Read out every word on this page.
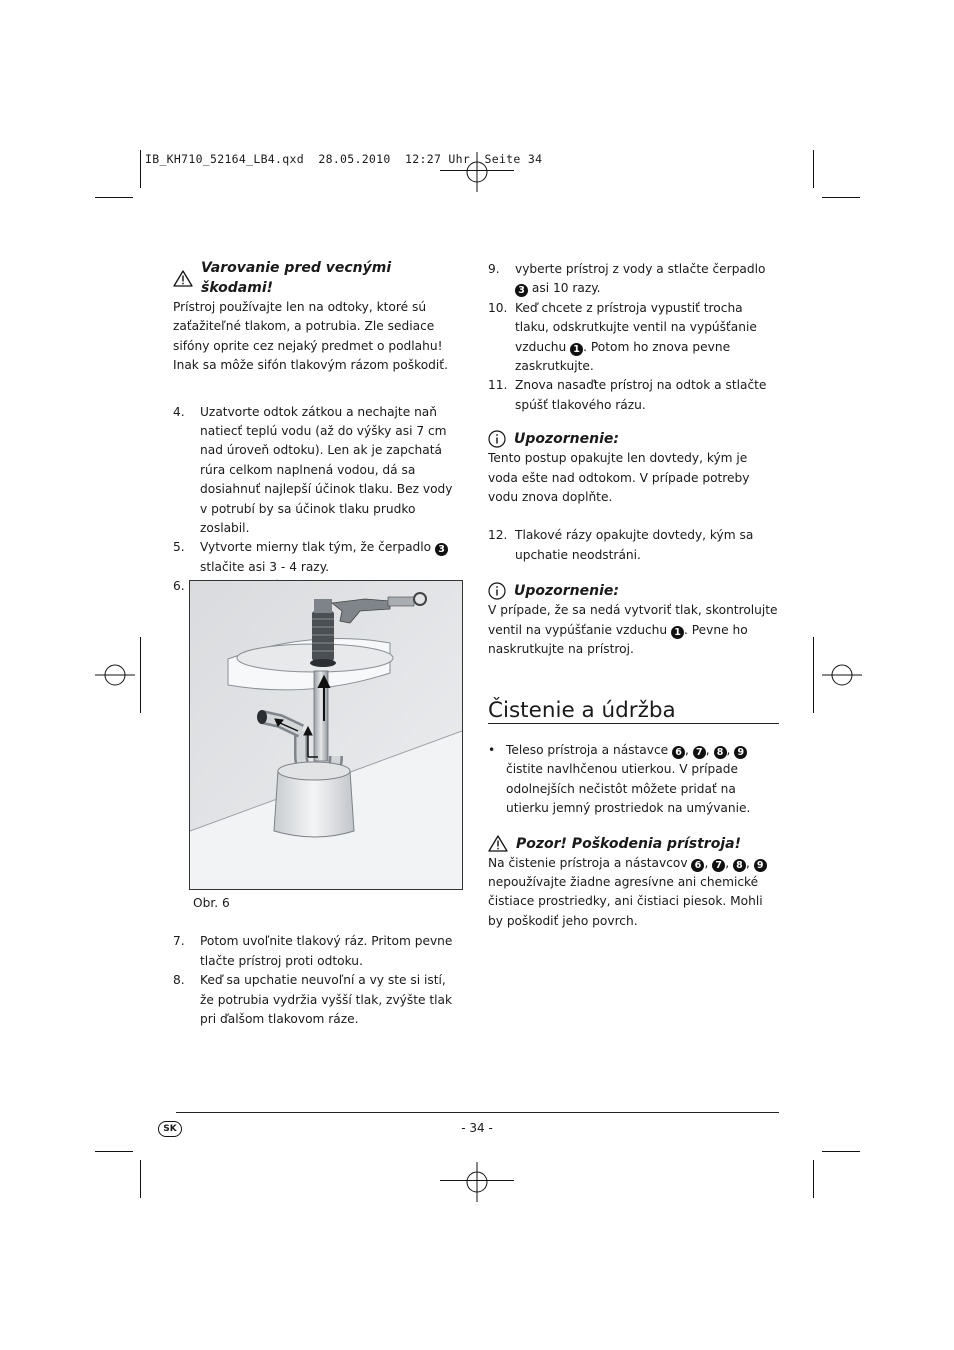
IB_KH710_52164_LB4.qxd  28.05.2010  12:27 Uhr  Seite 34
Varovanie pred vecnými škodami!

Prístroj používajte len na odtoky, ktoré sú zaťažiteľné tlakom, a potrubia. Zle sediace sifóny oprite cez nejaký predmet o podlahu! Inak sa môže sifón tlakovým rázom poškodiť.

4.	Uzatvorte odtok zátkou a nechajte naň natiecť teplú vodu (až do výšky asi 7 cm nad úroveň odtoku). Len ak je zapchatá rúra celkom naplnená vodou, dá sa dosiahnuť najlepší účinok tlaku. Bez vody v potrubí by sa účinok tlaku prudko zoslabil.
5.	Vytvorte mierny tlak tým, že čerpadlo 3 stlačite asi 3 - 4 razy.
6.

Obr. 6

7.	Potom uvoľnite tlakový ráz. Pritom pevne tlačte prístroj proti odtoku.
8.	Keď sa upchatie neuvoľní a vy ste si istí, že potrubia vydržia vyšší tlak, zvýšte tlak pri ďalšom tlakovom ráze.
9.	vyberte prístroj z vody a stlačte čerpadlo 3 asi 10 razy.
10. Keď chcete z prístroja vypustiť trocha tlaku, odskrutkujte ventil na vypúšťanie vzduchu 1 . Potom ho znova pevne zaskrutkujte.
11. Znova nasaďte prístroj na odtok a stlačte spúšť tlakového rázu.
Upozornenie:

Tento postup opakujte len dovtedy, kým je voda ešte nad odtokom. V prípade potreby vodu znova doplňte.

12. Tlakové rázy opakujte dovtedy, kým sa upchatie neodstráni.
Upozornenie:

V prípade, že sa nedá vytvoriť tlak, skontrolujte ventil na vypúšťanie vzduchu 1 . Pevne ho naskrutkujte na prístroj.

Čistenie a údržba
• Teleso prístroja a nástavce 6 , 7 , 8 , 9 čistite navlhčenou utierkou. V prípade odolnejších nečistôt môžete pridať na utierku jemný prostriedok na umývanie.
Pozor! Poškodenia prístroja!

Na čistenie prístroja a nástavcov 6 , 7 , 8 , 9 nepoužívajte žiadne agresívne ani chemické čistiace prostriedky, ani čistiaci piesok. Mohli by poškodiť jeho povrch.

SK	- 34 -
